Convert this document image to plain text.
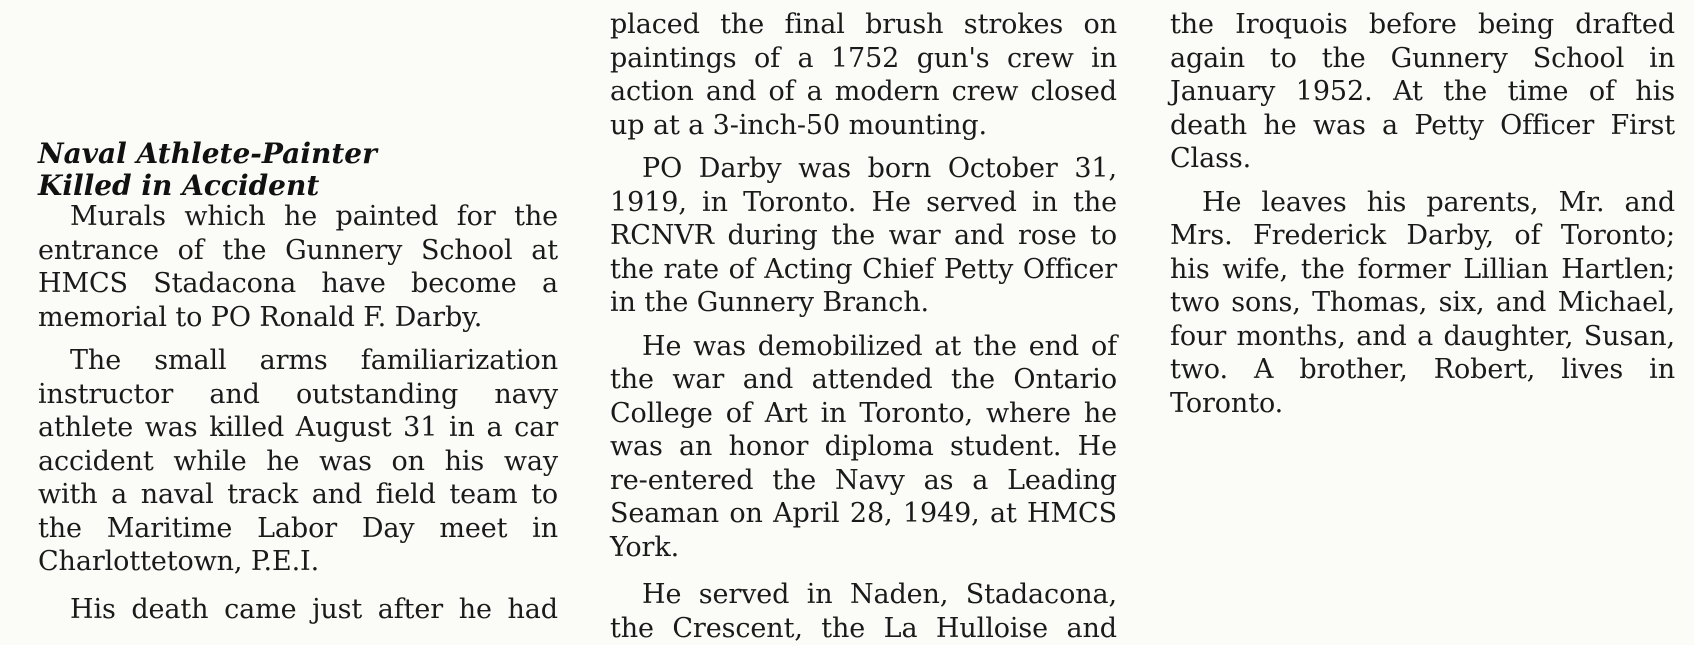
Naval Athlete-Painter
Killed in Accident

Murals which he painted for the entrance of the Gunnery School at HMCS Stadacona have become a memorial to PO Ronald F. Darby.

The small arms familiarization instructor and outstanding navy athlete was killed August 31 in a car accident while he was on his way with a naval track and field team to the Maritime Labor Day meet in Charlottetown, P.E.I.

His death came just after he had

placed the final brush strokes on paintings of a 1752 gun's crew in action and of a modern crew closed up at a 3-inch-50 mounting.

PO Darby was born October 31, 1919, in Toronto. He served in the RCNVR during the war and rose to the rate of Acting Chief Petty Officer in the Gunnery Branch.

He was demobilized at the end of the war and attended the Ontario College of Art in Toronto, where he was an honor diploma student. He re-entered the Navy as a Leading Seaman on April 28, 1949, at HMCS York.

He served in Naden, Stadacona, the Crescent, the La Hulloise and

the Iroquois before being drafted again to the Gunnery School in January 1952. At the time of his death he was a Petty Officer First Class.

He leaves his parents, Mr. and Mrs. Frederick Darby, of Toronto; his wife, the former Lillian Hartlen; two sons, Thomas, six, and Michael, four months, and a daughter, Susan, two. A brother, Robert, lives in Toronto.
